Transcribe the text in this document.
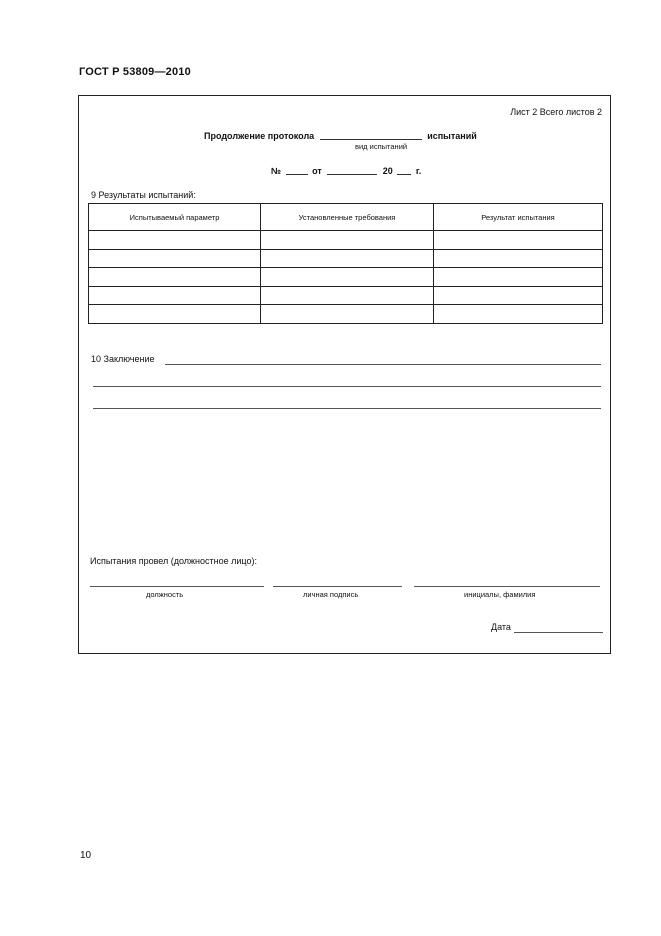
ГОСТ Р 53809—2010
Лист 2 Всего листов 2
Продолжение протокола	испытаний
вид испытаний
№	от	20	г.
9 Результаты испытаний:
Испытываемый параметр	Установленные требования	Результат испытания

10 Заключение
Испытания провел (должностное лицо):
должность	личная подпись	инициалы, фамилия
Дата
10
